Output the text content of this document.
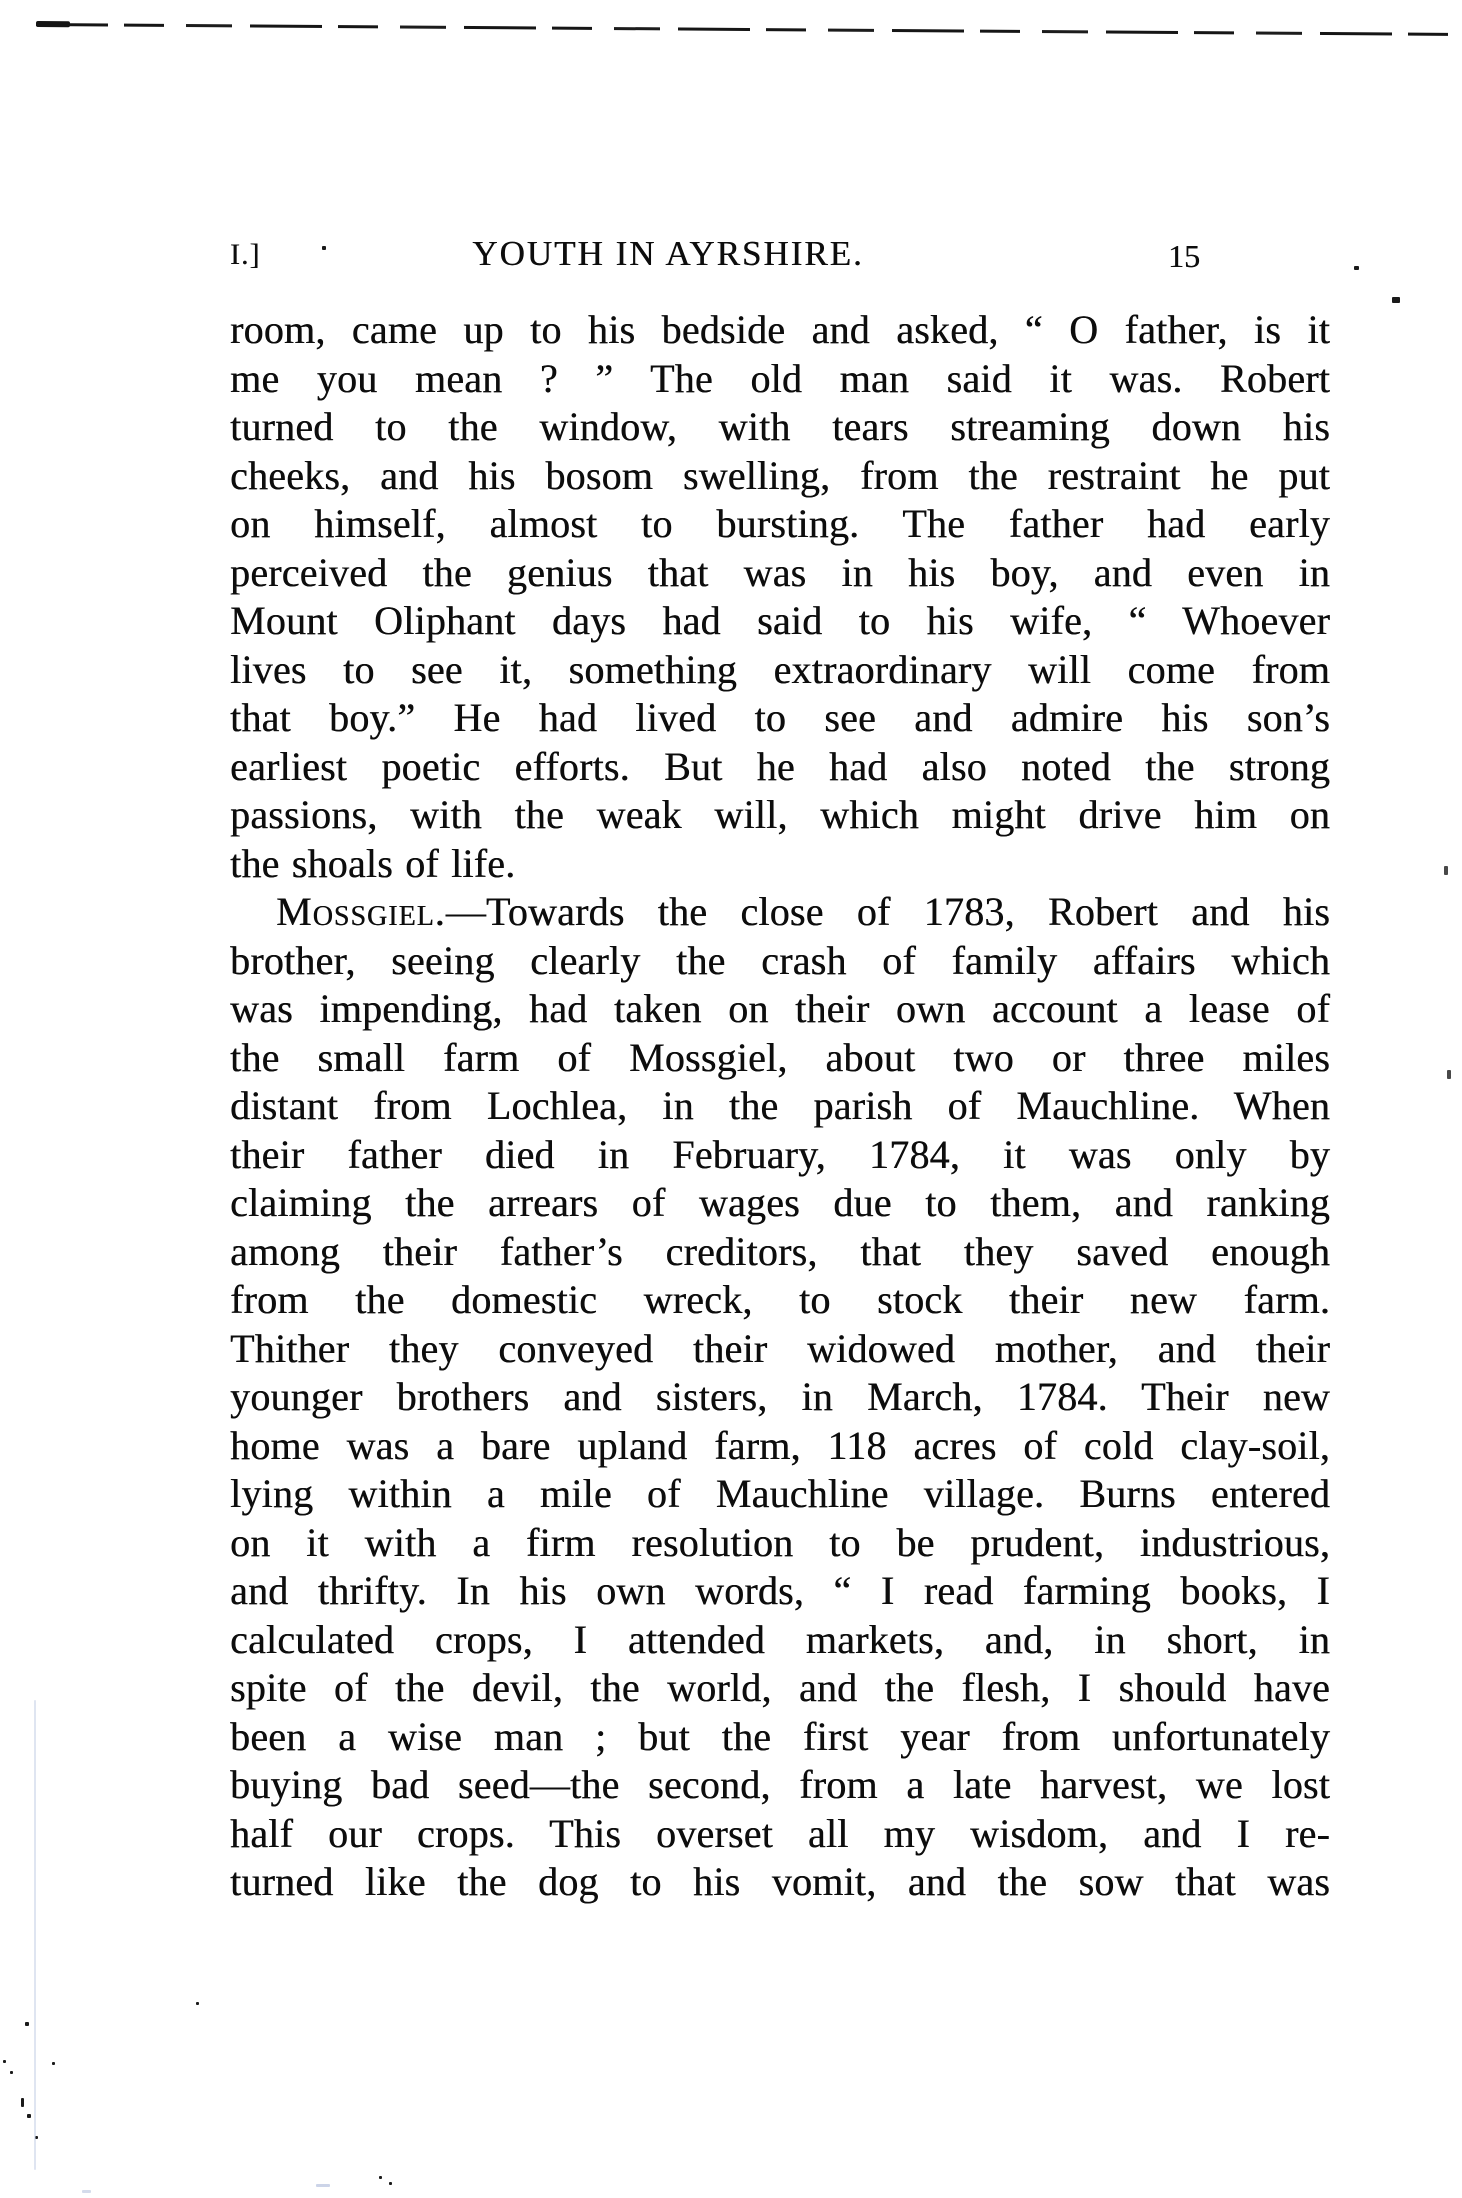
I.]	YOUTH IN AYRSHIRE.	15
room, came up to his bedside and asked, “ O father, is it
me you mean ? ” The old man said it was. Robert
turned to the window, with tears streaming down his
cheeks, and his bosom swelling, from the restraint he put
on himself, almost to bursting. The father had early
perceived the genius that was in his boy, and even in
Mount Oliphant days had said to his wife, “ Whoever
lives to see it, something extraordinary will come from
that boy.” He had lived to see and admire his son’s
earliest poetic efforts. But he had also noted the strong
passions, with the weak will, which might drive him on
the shoals of life.
Mossgiel.—Towards the close of 1783, Robert and his
brother, seeing clearly the crash of family affairs which
was impending, had taken on their own account a lease of
the small farm of Mossgiel, about two or three miles
distant from Lochlea, in the parish of Mauchline. When
their father died in February, 1784, it was only by
claiming the arrears of wages due to them, and ranking
among their father’s creditors, that they saved enough
from the domestic wreck, to stock their new farm.
Thither they conveyed their widowed mother, and their
younger brothers and sisters, in March, 1784. Their new
home was a bare upland farm, 118 acres of cold clay-soil,
lying within a mile of Mauchline village. Burns entered
on it with a firm resolution to be prudent, industrious,
and thrifty. In his own words, “ I read farming books, I
calculated crops, I attended markets, and, in short, in
spite of the devil, the world, and the flesh, I should have
been a wise man ; but the first year from unfortunately
buying bad seed—the second, from a late harvest, we lost
half our crops. This overset all my wisdom, and I re-
turned like the dog to his vomit, and the sow that was
